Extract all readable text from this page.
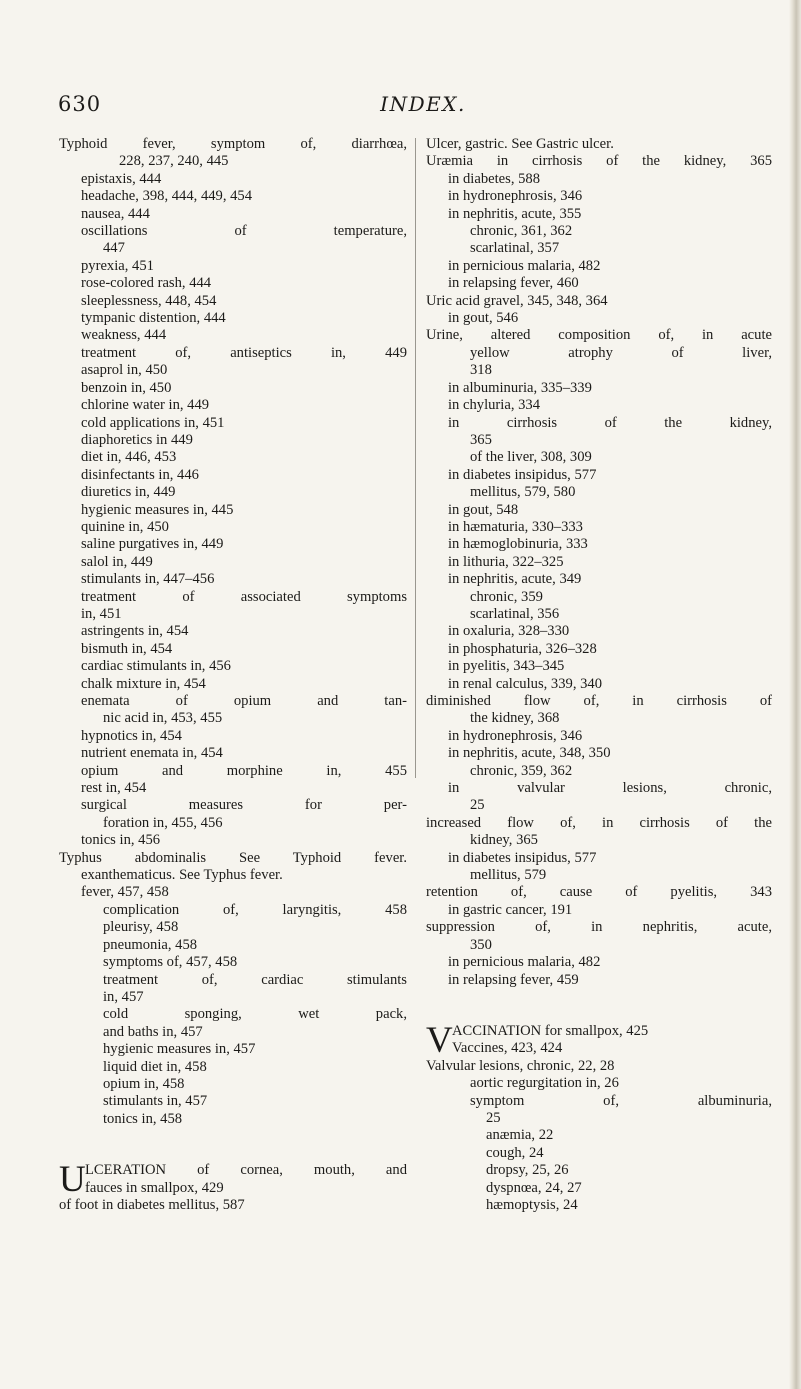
630	INDEX.
Typhoid fever, symptom of, diarrhœa,
228, 237, 240, 445
epistaxis, 444
headache, 398, 444, 449, 454
nausea, 444
oscillations of temperature,
447
pyrexia, 451
rose-colored rash, 444
sleeplessness, 448, 454
tympanic distention, 444
weakness, 444
treatment of, antiseptics in, 449
asaprol in, 450
benzoin in, 450
chlorine water in, 449
cold applications in, 451
diaphoretics in 449
diet in, 446, 453
disinfectants in, 446
diuretics in, 449
hygienic measures in, 445
quinine in, 450
saline purgatives in, 449
salol in, 449
stimulants in, 447–456
treatment of associated symptoms
in, 451
astringents in, 454
bismuth in, 454
cardiac stimulants in, 456
chalk mixture in, 454
enemata of opium and tan-
nic acid in, 453, 455
hypnotics in, 454
nutrient enemata in, 454
opium and morphine in, 455
rest in, 454
surgical measures for per-
foration in, 455, 456
tonics in, 456
Typhus abdominalis See Typhoid fever.
exanthematicus. See Typhus fever.
fever, 457, 458
complication of, laryngitis, 458
pleurisy, 458
pneumonia, 458
symptoms of, 457, 458
treatment of, cardiac stimulants
in, 457
cold sponging, wet pack,
and baths in, 457
hygienic measures in, 457
liquid diet in, 458
opium in, 458
stimulants in, 457
tonics in, 458
U LCERATION of cornea, mouth, and
fauces in smallpox, 429
of foot in diabetes mellitus, 587
Ulcer, gastric. See Gastric ulcer.
Uræmia in cirrhosis of the kidney, 365
in diabetes, 588
in hydronephrosis, 346
in nephritis, acute, 355
chronic, 361, 362
scarlatinal, 357
in pernicious malaria, 482
in relapsing fever, 460
Uric acid gravel, 345, 348, 364
in gout, 546
Urine, altered composition of, in acute
yellow atrophy of liver,
318
in albuminuria, 335–339
in chyluria, 334
in cirrhosis of the kidney,
365
of the liver, 308, 309
in diabetes insipidus, 577
mellitus, 579, 580
in gout, 548
in hæmaturia, 330–333
in hæmoglobinuria, 333
in lithuria, 322–325
in nephritis, acute, 349
chronic, 359
scarlatinal, 356
in oxaluria, 328–330
in phosphaturia, 326–328
in pyelitis, 343–345
in renal calculus, 339, 340
diminished flow of, in cirrhosis of
the kidney, 368
in hydronephrosis, 346
in nephritis, acute, 348, 350
chronic, 359, 362
in valvular lesions, chronic,
25
increased flow of, in cirrhosis of the
kidney, 365
in diabetes insipidus, 577
mellitus, 579
retention of, cause of pyelitis, 343
in gastric cancer, 191
suppression of, in nephritis, acute,
350
in pernicious malaria, 482
in relapsing fever, 459
V ACCINATION for smallpox, 425
Vaccines, 423, 424
Valvular lesions, chronic, 22, 28
aortic regurgitation in, 26
symptom of, albuminuria,
25
anæmia, 22
cough, 24
dropsy, 25, 26
dyspnœa, 24, 27
hæmoptysis, 24
